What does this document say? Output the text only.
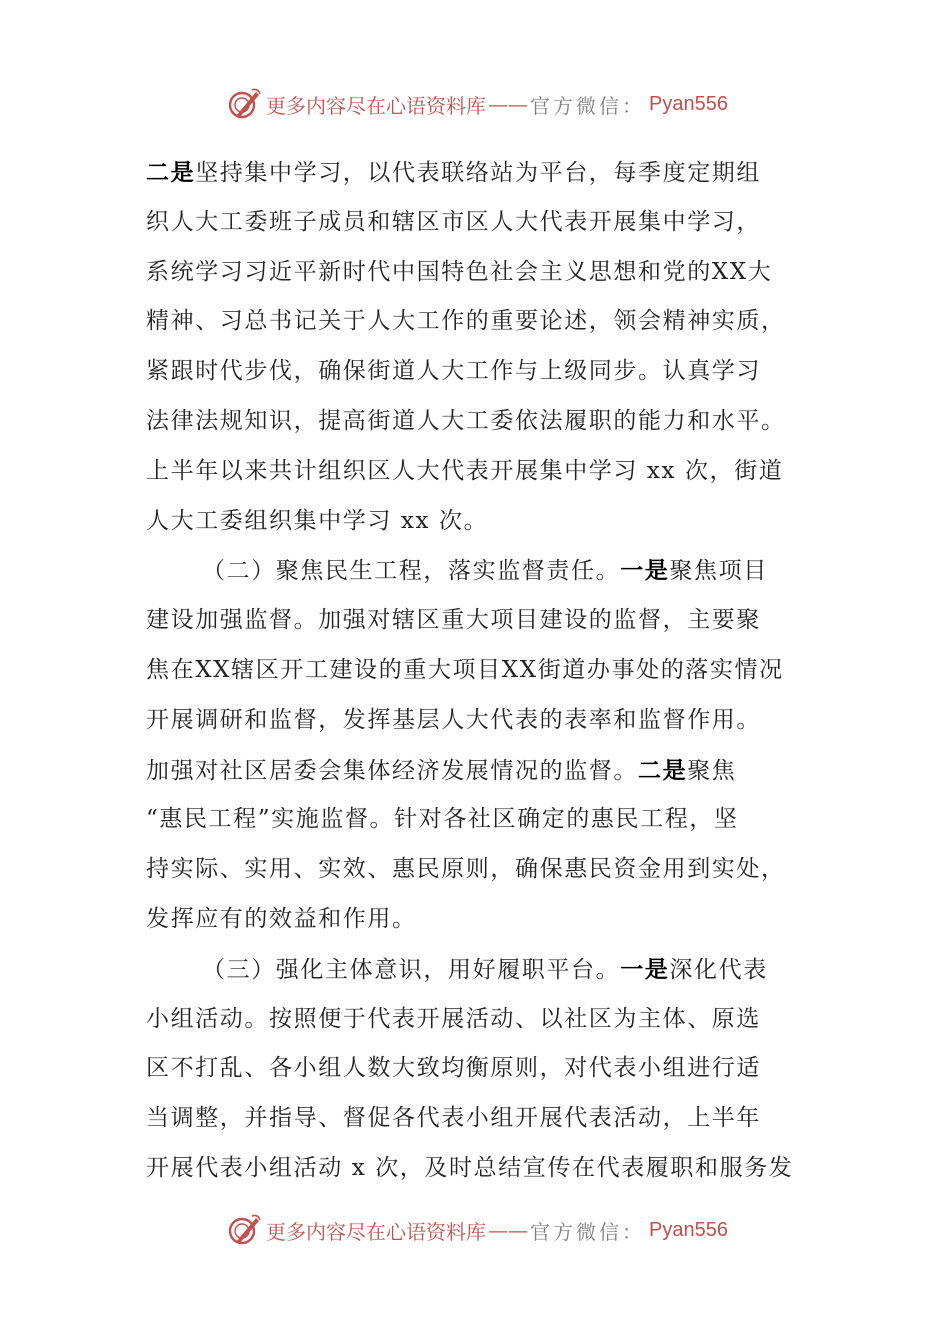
更多内容尽在心语资料库 —— 官方微信： Pyan556
二是坚持集中学习，以代表联络站为平台，每季度定期组
织人大工委班子成员和辖区市区人大代表开展集中学习，
系统学习习近平新时代中国特色社会主义思想和党的XX大
精神、习总书记关于人大工作的重要论述，领会精神实质，
紧跟时代步伐，确保街道人大工作与上级同步。认真学习
法律法规知识，提高街道人大工委依法履职的能力和水平。
上半年以来共计组织区人大代表开展集中学习 xx 次，街道
人大工委组织集中学习 xx 次。
（二）聚焦民生工程，落实监督责任。一是聚焦项目
建设加强监督。加强对辖区重大项目建设的监督，主要聚
焦在XX辖区开工建设的重大项目XX街道办事处的落实情况
开展调研和监督，发挥基层人大代表的表率和监督作用。
加强对社区居委会集体经济发展情况的监督。二是聚焦
“惠民工程”实施监督。针对各社区确定的惠民工程，坚
持实际、实用、实效、惠民原则，确保惠民资金用到实处，
发挥应有的效益和作用。
（三）强化主体意识，用好履职平台。一是深化代表
小组活动。按照便于代表开展活动、以社区为主体、原选
区不打乱、各小组人数大致均衡原则，对代表小组进行适
当调整，并指导、督促各代表小组开展代表活动，上半年
开展代表小组活动 x 次，及时总结宣传在代表履职和服务发
更多内容尽在心语资料库 —— 官方微信： Pyan556
